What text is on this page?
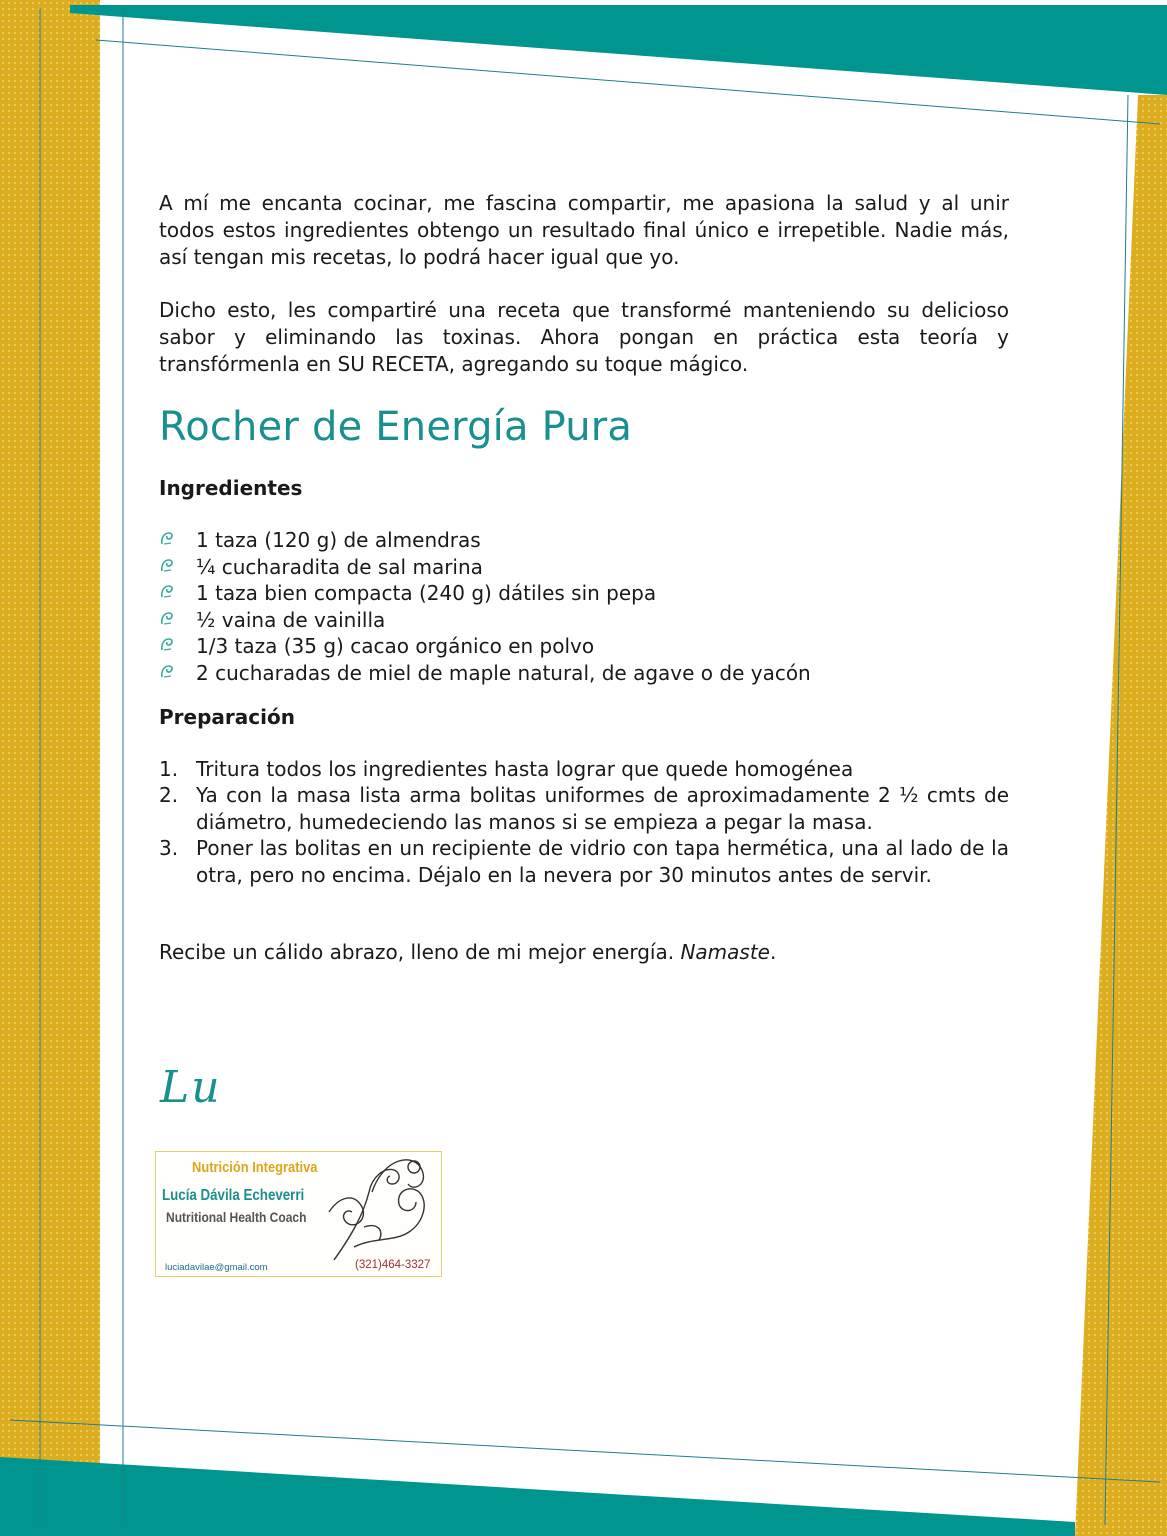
A mí me encanta cocinar, me fascina compartir, me apasiona la salud y al unir todos estos ingredientes obtengo un resultado final único e irrepetible. Nadie más, así tengan mis recetas, lo podrá hacer igual que yo.

Dicho esto, les compartiré una receta que transformé manteniendo su delicioso sabor y eliminando las toxinas. Ahora pongan en práctica esta teoría y transfórmenla en SU RECETA, agregando su toque mágico.

Rocher de Energía Pura
Ingredientes
1 taza (120 g) de almendras
¼ cucharadita de sal marina
1 taza bien compacta (240 g) dátiles sin pepa
½ vaina de vainilla
1/3 taza (35 g) cacao orgánico en polvo
2 cucharadas de miel de maple natural, de agave o de yacón
Preparación
1. Tritura todos los ingredientes hasta lograr que quede homogénea
2. Ya con la masa lista arma bolitas uniformes de aproximadamente 2 ½ cmts de diámetro, humedeciendo las manos si se empieza a pegar la masa.
3. Poner las bolitas en un recipiente de vidrio con tapa hermética, una al lado de la otra, pero no encima. Déjalo en la nevera por 30 minutos antes de servir.

Recibe un cálido abrazo, lleno de mi mejor energía. Namaste.

Lu
Nutrición Integrativa
Lucía Dávila Echeverri
Nutritional Health Coach
luciadavilae@gmail.com	(321)464-3327
